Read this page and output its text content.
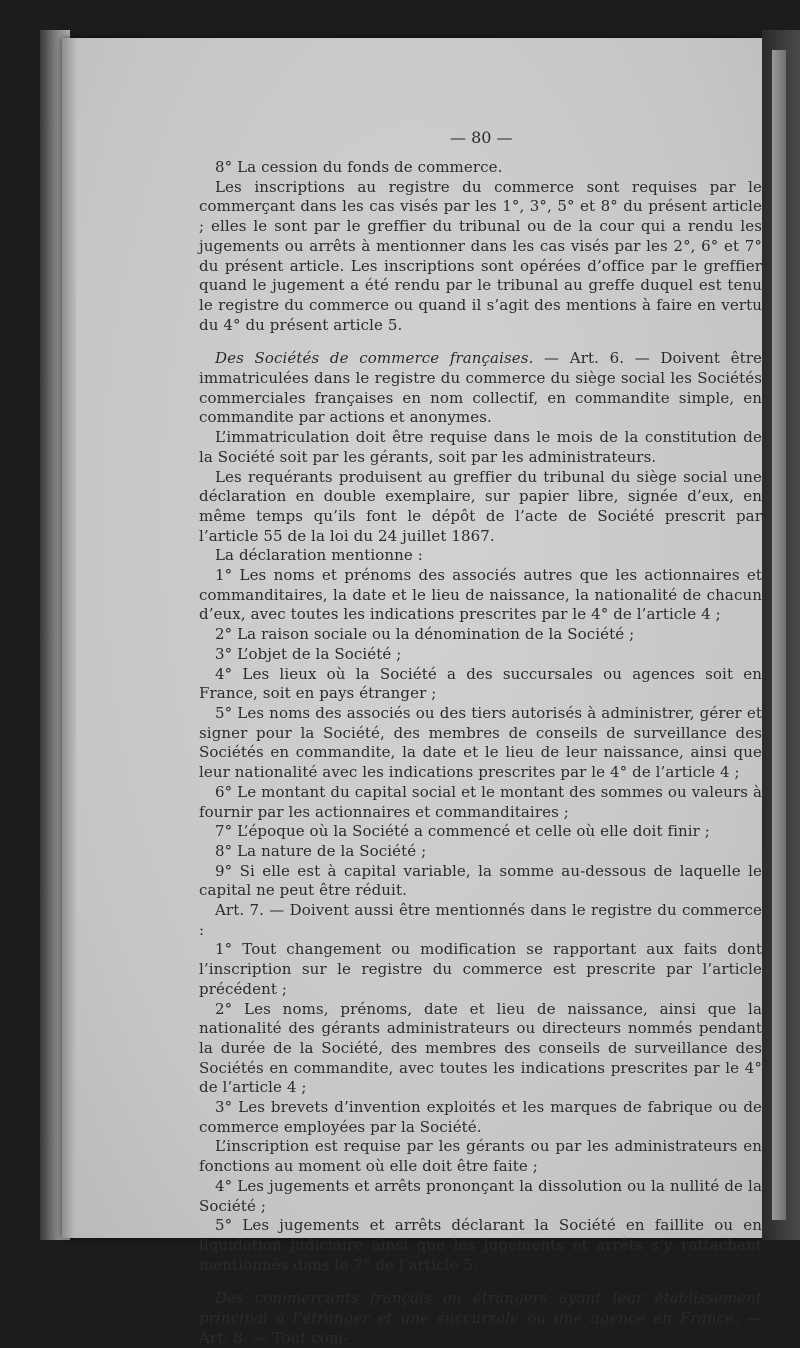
— 80 —

8° La cession du fonds de commerce.

Les inscriptions au registre du commerce sont requises par le commerçant dans les cas visés par les 1°, 3°, 5° et 8° du présent article ; elles le sont par le greffier du tribunal ou de la cour qui a rendu les jugements ou arrêts à mentionner dans les cas visés par les 2°, 6° et 7° du présent article. Les inscriptions sont opérées d’office par le greffier quand le jugement a été rendu par le tribunal au greffe duquel est tenu le registre du commerce ou quand il s’agit des mentions à faire en vertu du 4° du présent article 5.

Des Sociétés de commerce françaises. — Art. 6. — Doivent être immatriculées dans le registre du commerce du siège social les Sociétés commerciales françaises en nom collectif, en commandite simple, en commandite par actions et anonymes.

L’immatriculation doit être requise dans le mois de la constitution de la Société soit par les gérants, soit par les administrateurs.

Les requérants produisent au greffier du tribunal du siège social une déclaration en double exemplaire, sur papier libre, signée d’eux, en même temps qu’ils font le dépôt de l’acte de Société prescrit par l’article 55 de la loi du 24 juillet 1867.

La déclaration mentionne :

1° Les noms et prénoms des associés autres que les actionnaires et commanditaires, la date et le lieu de naissance, la nationalité de chacun d’eux, avec toutes les indications prescrites par le 4° de l’article 4 ;

2° La raison sociale ou la dénomination de la Société ;

3° L’objet de la Société ;

4° Les lieux où la Société a des succursales ou agences soit en France, soit en pays étranger ;

5° Les noms des associés ou des tiers autorisés à administrer, gérer et signer pour la Société, des membres de conseils de surveillance des Sociétés en commandite, la date et le lieu de leur naissance, ainsi que leur nationalité avec les indications prescrites par le 4° de l’article 4 ;

6° Le montant du capital social et le montant des sommes ou valeurs à fournir par les actionnaires et commanditaires ;

7° L’époque où la Société a commencé et celle où elle doit finir ;

8° La nature de la Société ;

9° Si elle est à capital variable, la somme au-dessous de laquelle le capital ne peut être réduit.

Art. 7. — Doivent aussi être mentionnés dans le registre du commerce :

1° Tout changement ou modification se rapportant aux faits dont l’inscription sur le registre du commerce est prescrite par l’article précédent ;

2° Les noms, prénoms, date et lieu de naissance, ainsi que la nationalité des gérants administrateurs ou directeurs nommés pendant la durée de la Société, des membres des conseils de surveillance des Sociétés en commandite, avec toutes les indications prescrites par le 4° de l’article 4 ;

3° Les brevets d’invention exploités et les marques de fabrique ou de commerce employées par la Société.

L’inscription est requise par les gérants ou par les administrateurs en fonctions au moment où elle doit être faite ;

4° Les jugements et arrêts prononçant la dissolution ou la nullité de la Société ;

5° Les jugements et arrêts déclarant la Société en faillite ou en liquidation judiciaire ainsi que les jugements et arrêts s’y rattachant mentionnés dans le 7° de l’article 5.

Des commerçants français ou étrangers ayant leur établissement principal à l’étranger et une succursale ou une agence en France. — Art. 8. — Tout com-
